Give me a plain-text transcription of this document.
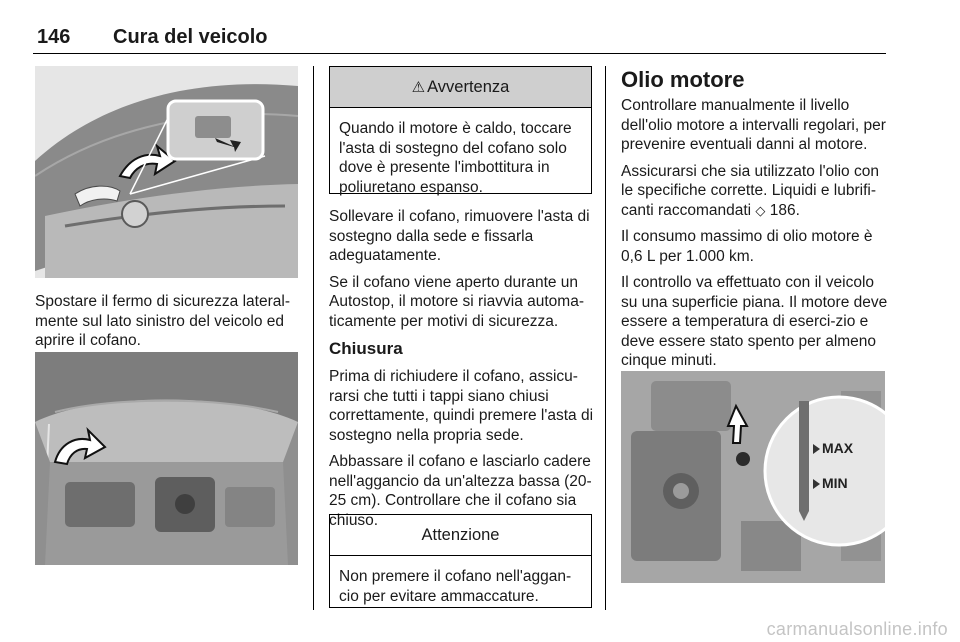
146 Cura del veicolo

Spostare il fermo di sicurezza lateral-mente sul lato sinistro del veicolo ed aprire il cofano.

⚠ Avvertenza
Quando il motore è caldo, toccare l'asta di sostegno del cofano solo dove è presente l'imbottitura in poliuretano espanso.

Sollevare il cofano, rimuovere l'asta di sostegno dalla sede e fissarla adeguatamente.

Se il cofano viene aperto durante un Autostop, il motore si riavvia automa-ticamente per motivi di sicurezza.

Chiusura

Prima di richiudere il cofano, assicu-rarsi che tutti i tappi siano chiusi correttamente, quindi premere l'asta di sostegno nella propria sede.

Abbassare il cofano e lasciarlo cadere nell'aggancio da un'altezza bassa (20-25 cm). Controllare che il cofano sia chiuso.

Attenzione
Non premere il cofano nell'aggan-cio per evitare ammaccature.
Olio motore

Controllare manualmente il livello dell'olio motore a intervalli regolari, per prevenire eventuali danni al motore.

Assicurarsi che sia utilizzato l'olio con le specifiche corrette. Liquidi e lubrifi-canti raccomandati ◇ 186.

Il consumo massimo di olio motore è 0,6 L per 1.000 km.

Il controllo va effettuato con il veicolo su una superficie piana. Il motore deve essere a temperatura di eserci-zio e deve essere stato spento per almeno cinque minuti.

MAX
MIN
carmanualsonline.info
